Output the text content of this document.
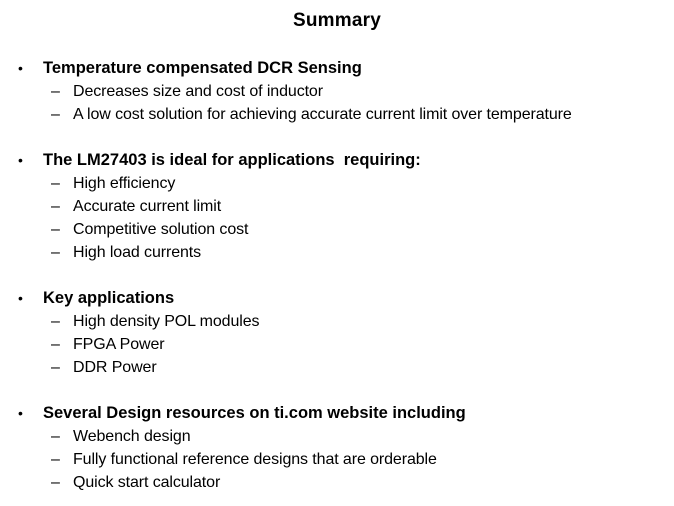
Summary
• Temperature compensated DCR Sensing
– Decreases size and cost of inductor
– A low cost solution for achieving accurate current limit over temperature
• The LM27403 is ideal for applications  requiring:
– High efficiency
– Accurate current limit
– Competitive solution cost
– High load currents
• Key applications
– High density POL modules
– FPGA Power
– DDR Power
• Several Design resources on ti.com website including
– Webench design
– Fully functional reference designs that are orderable
– Quick start calculator
